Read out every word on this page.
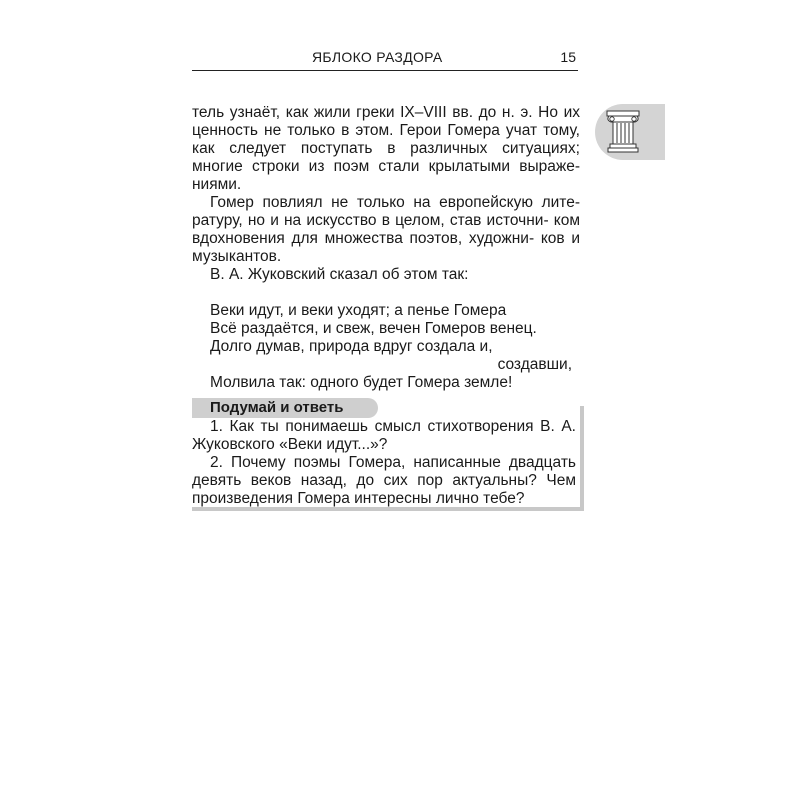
ЯБЛОКО РАЗДОРА	15

тель узнаёт, как жили греки IX–VIII вв. до н. э. Но их ценность не только в этом. Герои Гомера учат тому, как следует поступать в различных ситуациях; многие строки из поэм стали крылатыми выраже- ниями.

Гомер повлиял не только на европейскую лите- ратуру, но и на искусство в целом, став источни- ком вдохновения для множества поэтов, художни- ков и музыкантов.

В. А. Жуковский сказал об этом так:

Веки идут, и веки уходят; а пенье Гомера
Всё раздаётся, и свеж, вечен Гомеров венец.
Долго думав, природа вдруг создала и,
создавши,
Молвила так: одного будет Гомера земле!
Подумай и ответь

1. Как ты понимаешь смысл стихотворения В. А. Жуковского «Веки идут...»?

2. Почему поэмы Гомера, написанные двадцать девять веков назад, до сих пор актуальны? Чем произведения Гомера интересны лично тебе?
